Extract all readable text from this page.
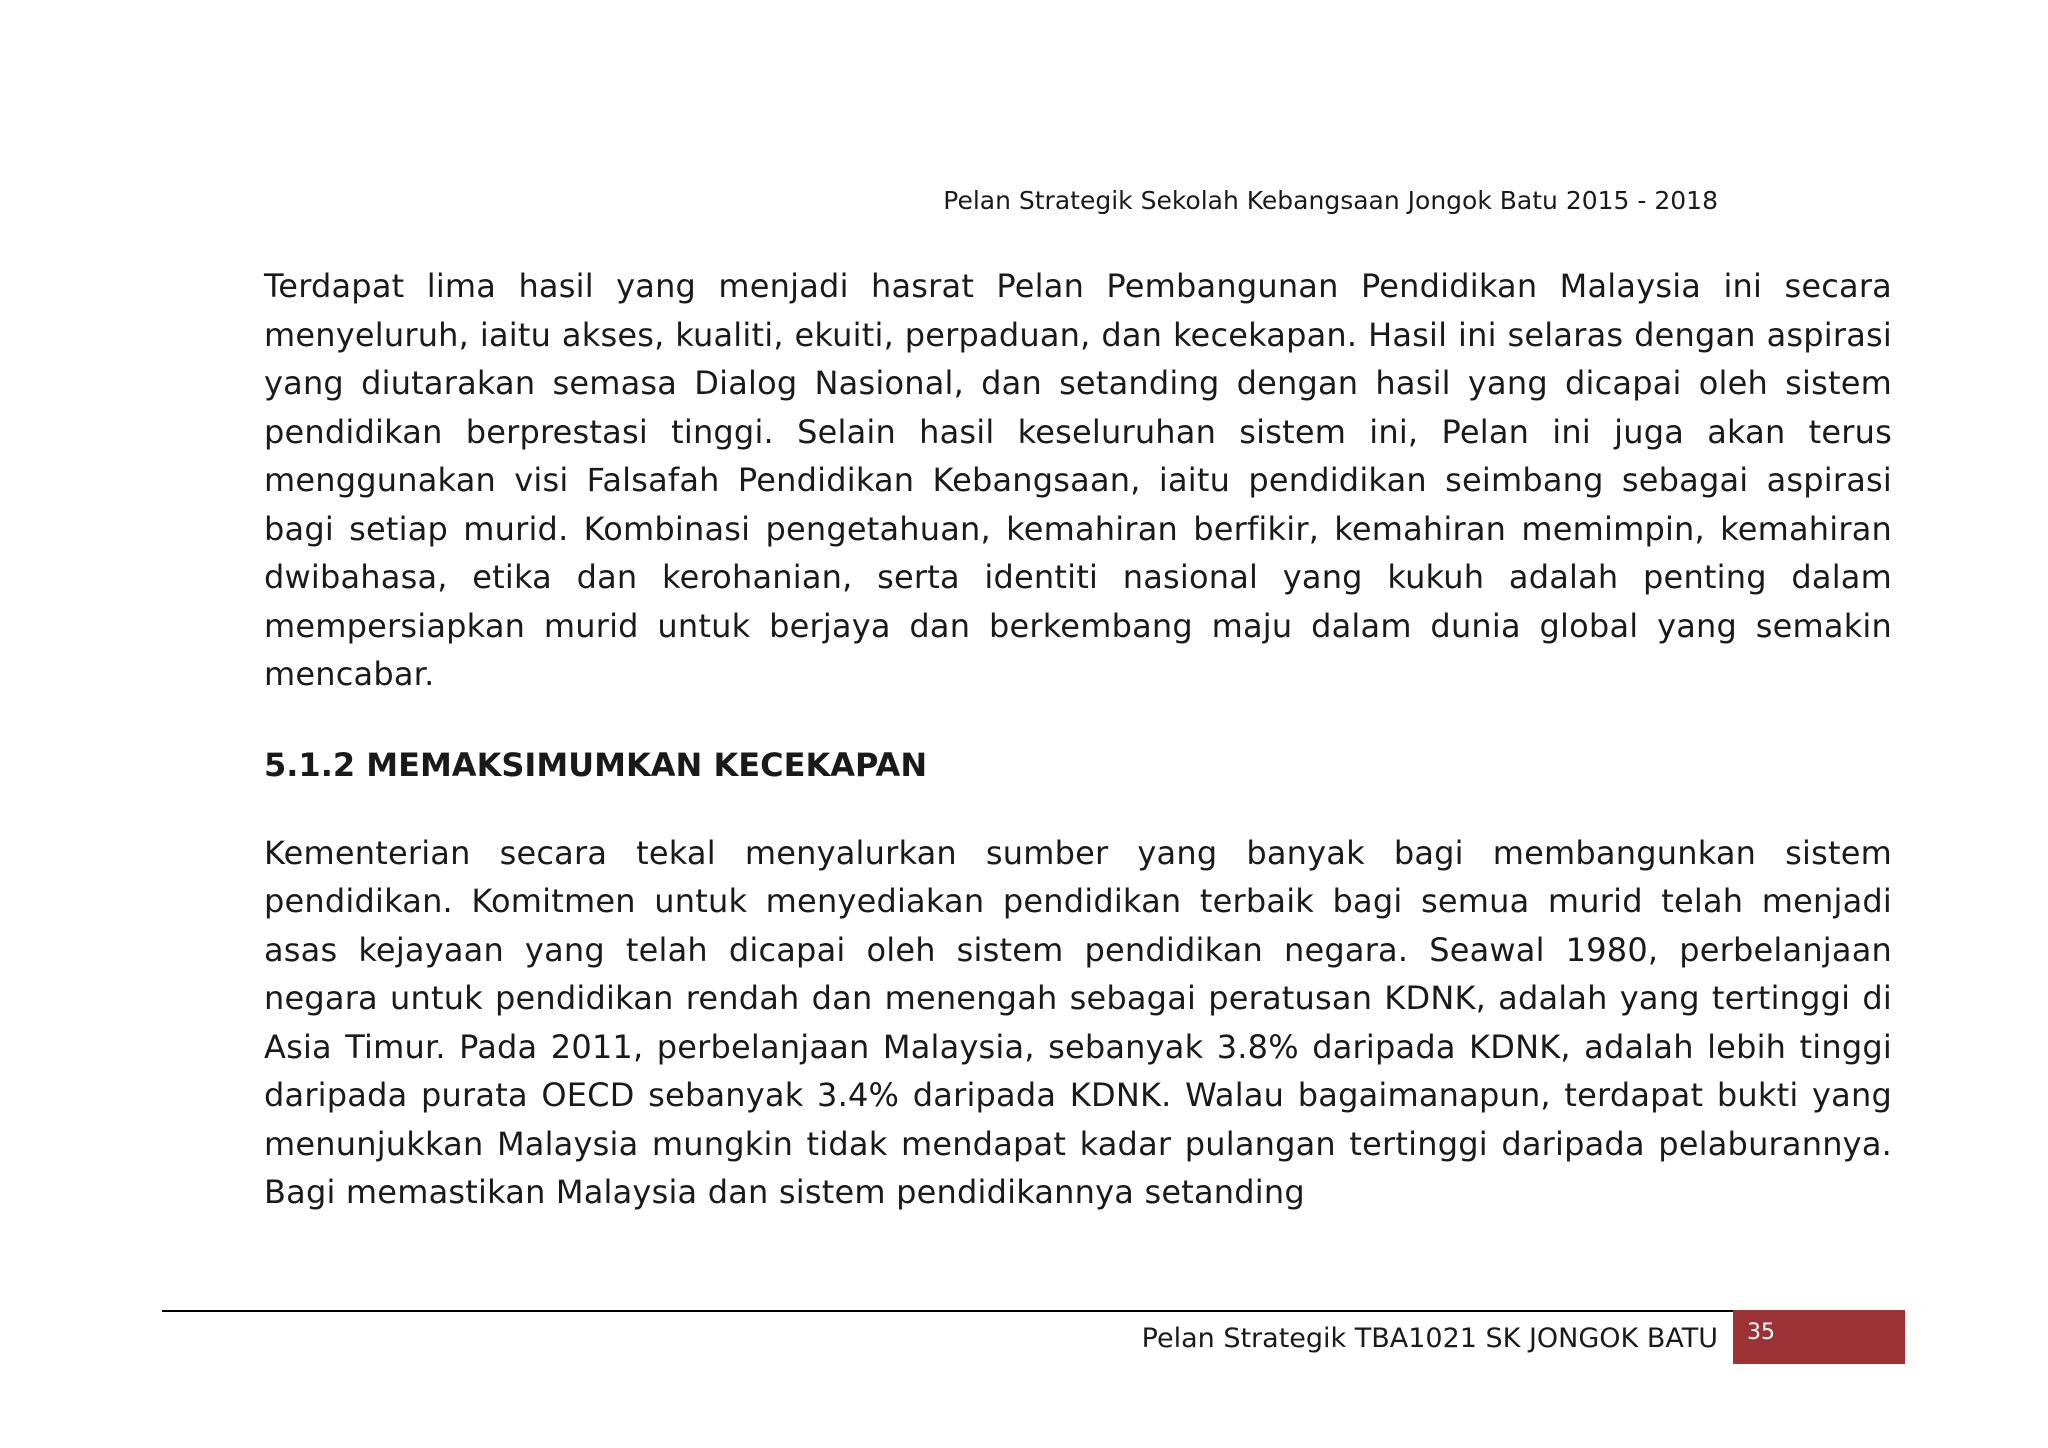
Pelan Strategik Sekolah Kebangsaan Jongok Batu 2015 - 2018

Terdapat lima hasil yang menjadi hasrat Pelan Pembangunan Pendidikan Malaysia ini secara menyeluruh, iaitu akses, kualiti, ekuiti, perpaduan, dan kecekapan. Hasil ini selaras dengan aspirasi yang diutarakan semasa Dialog Nasional, dan setanding dengan hasil yang dicapai oleh sistem pendidikan berprestasi tinggi. Selain hasil keseluruhan sistem ini, Pelan ini juga akan terus menggunakan visi Falsafah Pendidikan Kebangsaan, iaitu pendidikan seimbang sebagai aspirasi bagi setiap murid. Kombinasi pengetahuan, kemahiran berfikir, kemahiran memimpin, kemahiran dwibahasa, etika dan kerohanian, serta identiti nasional yang kukuh adalah penting dalam mempersiapkan murid untuk berjaya dan berkembang maju dalam dunia global yang semakin mencabar.

5.1.2 MEMAKSIMUMKAN KECEKAPAN

Kementerian secara tekal menyalurkan sumber yang banyak bagi membangunkan sistem pendidikan. Komitmen untuk menyediakan pendidikan terbaik bagi semua murid telah menjadi asas kejayaan yang telah dicapai oleh sistem pendidikan negara. Seawal 1980, perbelanjaan negara untuk pendidikan rendah dan menengah sebagai peratusan KDNK, adalah yang tertinggi di Asia Timur. Pada 2011, perbelanjaan Malaysia, sebanyak 3.8% daripada KDNK, adalah lebih tinggi daripada purata OECD sebanyak 3.4% daripada KDNK. Walau bagaimanapun, terdapat bukti yang menunjukkan Malaysia mungkin tidak mendapat kadar pulangan tertinggi daripada pelaburannya. Bagi memastikan Malaysia dan sistem pendidikannya setanding

Pelan Strategik TBA1021 SK JONGOK BATU 35
